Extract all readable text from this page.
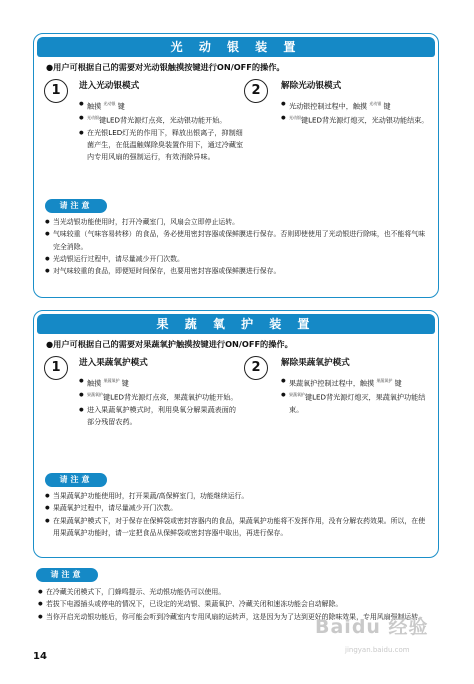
光 动 银 装 置
●用户可根据自己的需要对光动银触摸按键进行ON/OFF的操作。
1	进入光动银模式
● 触摸 $^{光动银}$ 键
● $^{光动银}$键LED背光源灯点亮，光动银功能开始。
● 在光银LED灯光的作用下，释放出银离子，抑制细菌产生，在低温触媒除臭装置作用下，通过冷藏室内专用风扇的强制运行，有效消除异味。
2	解除光动银模式
● 光动银控制过程中，触摸 $^{光动银}$ 键
● $^{光动银}$键LED背光源灯熄灭，光动银功能结束。
请注意
● 当光动银功能使用时，打开冷藏室门，风扇会立即停止运转。
● 气味较重（气味容易转移）的食品，务必使用密封容器或保鲜膜进行保存。否则即使使用了光动银进行除味，也不能将气味完全消除。
● 光动银运行过程中，请尽量减少开门次数。
● 对气味较重的食品，即便短时间保存，也要用密封容器或保鲜膜进行保存。
果 蔬 氧 护 装 置
●用户可根据自己的需要对果蔬氧护触摸按键进行ON/OFF的操作。
1	进入果蔬氧护模式
● 触摸 $^{果蔬氧护}$ 键
● $^{果蔬氧护}$键LED背光源灯点亮，果蔬氧护功能开始。
● 进入果蔬氧护模式时，利用臭氧分解果蔬表面的部分残留农药。
2	解除果蔬氧护模式
● 果蔬氧护控制过程中，触摸 $^{果蔬氧护}$ 键
● $^{果蔬氧护}$键LED背光源灯熄灭，果蔬氧护功能结束。
请注意
● 当果蔬氧护功能使用时，打开果蔬/高保鲜室门，功能继续运行。
● 果蔬氧护过程中，请尽量减少开门次数。
● 在果蔬氧护模式下，对于保存在保鲜袋或密封容器内的食品，果蔬氧护功能将不发挥作用，没有分解农药效果。所以，在使用果蔬氧护功能时，请一定把食品从保鲜袋或密封容器中取出，再进行保存。
请注意
● 在冷藏关闭模式下，门蜂鸣提示、光动银功能仍可以使用。
● 若拔下电源插头或停电的情况下，已设定的光动银、果蔬氧护、冷藏关闭和速冻功能会自动解除。
● 当你开启光动银功能后，你可能会听到冷藏室内专用风扇的运转声，这是因为为了达到更好的除味效果，专用风扇强制运转。
14
Baidu 经验
jingyan.baidu.com
